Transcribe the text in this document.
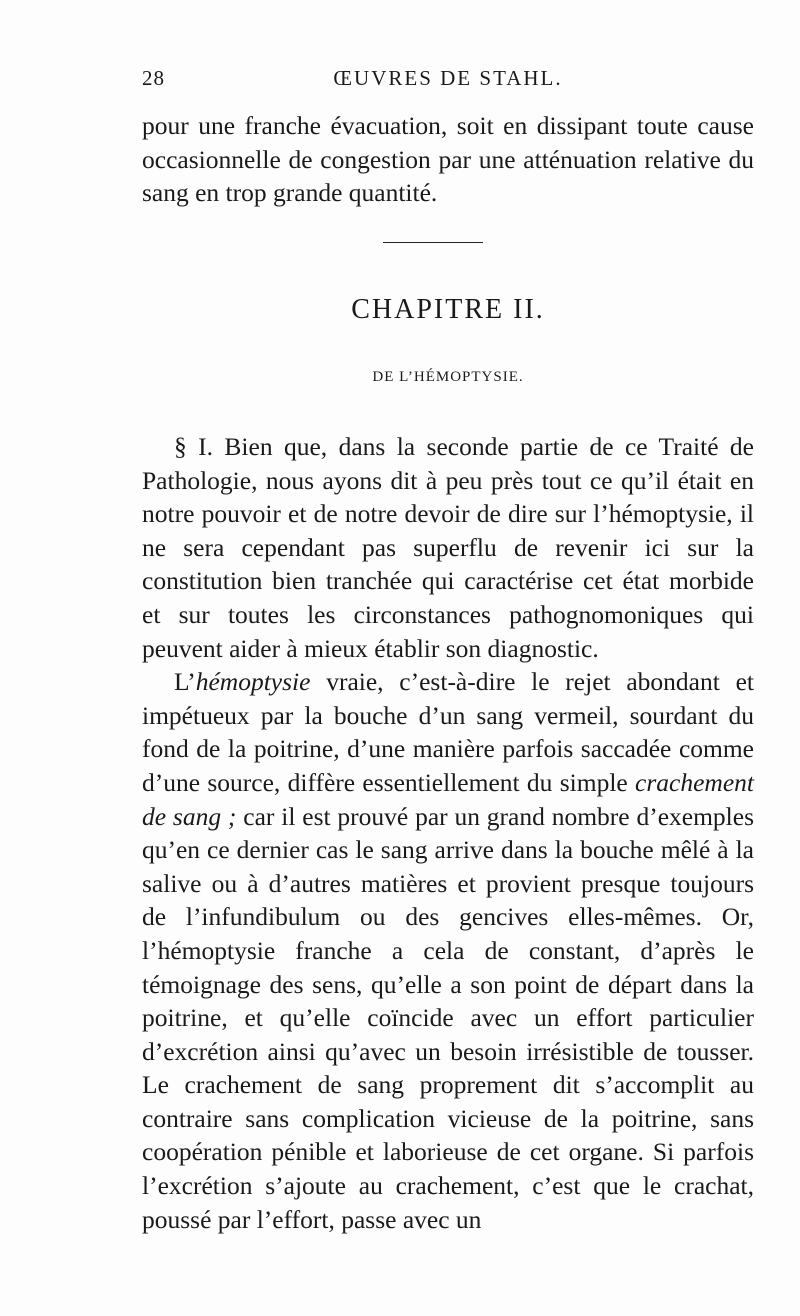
28	ŒUVRES DE STAHL.
pour une franche évacuation, soit en dissipant toute cause occasionnelle de congestion par une atténuation relative du sang en trop grande quantité.
CHAPITRE II.
DE L’HÉMOPTYSIE.

§ I. Bien que, dans la seconde partie de ce Traité de Pathologie, nous ayons dit à peu près tout ce qu’il était en notre pouvoir et de notre devoir de dire sur l’hémoptysie, il ne sera cependant pas superflu de revenir ici sur la constitution bien tranchée qui caractérise cet état morbide et sur toutes les circonstances pathognomoniques qui peuvent aider à mieux établir son diagnostic.

L’hémoptysie vraie, c’est-à-dire le rejet abondant et impétueux par la bouche d’un sang vermeil, sourdant du fond de la poitrine, d’une manière parfois saccadée comme d’une source, diffère essentiellement du simple crachement de sang ; car il est prouvé par un grand nombre d’exemples qu’en ce dernier cas le sang arrive dans la bouche mêlé à la salive ou à d’autres matières et provient presque toujours de l’infundibulum ou des gencives elles-mêmes. Or, l’hémoptysie franche a cela de constant, d’après le témoignage des sens, qu’elle a son point de départ dans la poitrine, et qu’elle coïncide avec un effort particulier d’excrétion ainsi qu’avec un besoin irrésistible de tousser. Le crachement de sang proprement dit s’accomplit au contraire sans complication vicieuse de la poitrine, sans coopération pénible et laborieuse de cet organe. Si parfois l’excrétion s’ajoute au crachement, c’est que le crachat, poussé par l’effort, passe avec un
